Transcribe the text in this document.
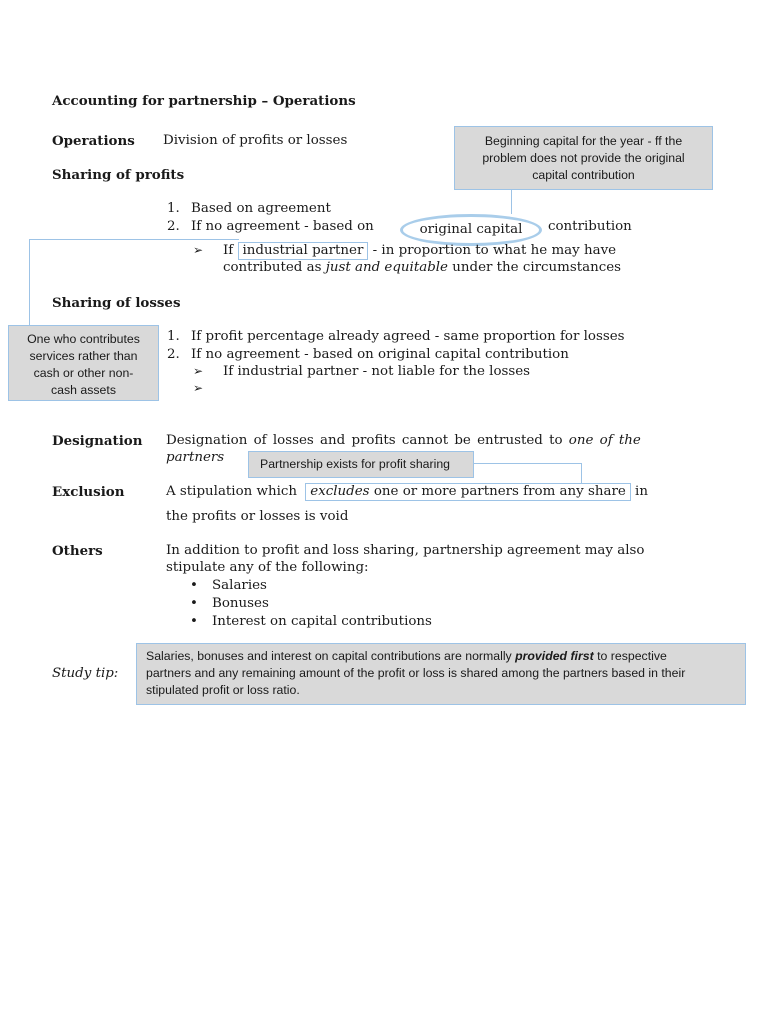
Accounting for partnership – Operations
Operations Division of profits or losses
Sharing of profits
1. Based on agreement
2. If no agreement - based on	contribution
original capital
Beginning capital for the year - ff the
problem does not provide the original
capital contribution
➢ If industrial partner - in proportion to what he may have
contributed as just and equitable under the circumstances
Sharing of losses
One who contributes
services rather than
cash or other non-
cash assets
1. If profit percentage already agreed - same proportion for losses
2. If no agreement - based on original capital contribution
➢ If industrial partner - not liable for the losses
➢
Designation Designation of losses and profits cannot be entrusted to one of the
partners	Partnership exists for profit sharing
Exclusion	A stipulation which excludes one or more partners from any share in
the profits or losses is void
Others	In addition to profit and loss sharing, partnership agreement may also
stipulate any of the following:
• Salaries
• Bonuses
• Interest on capital contributions
Study tip:
Salaries, bonuses and interest on capital contributions are normally provided first to respective
partners and any remaining amount of the profit or loss is shared among the partners based in their
stipulated profit or loss ratio.
